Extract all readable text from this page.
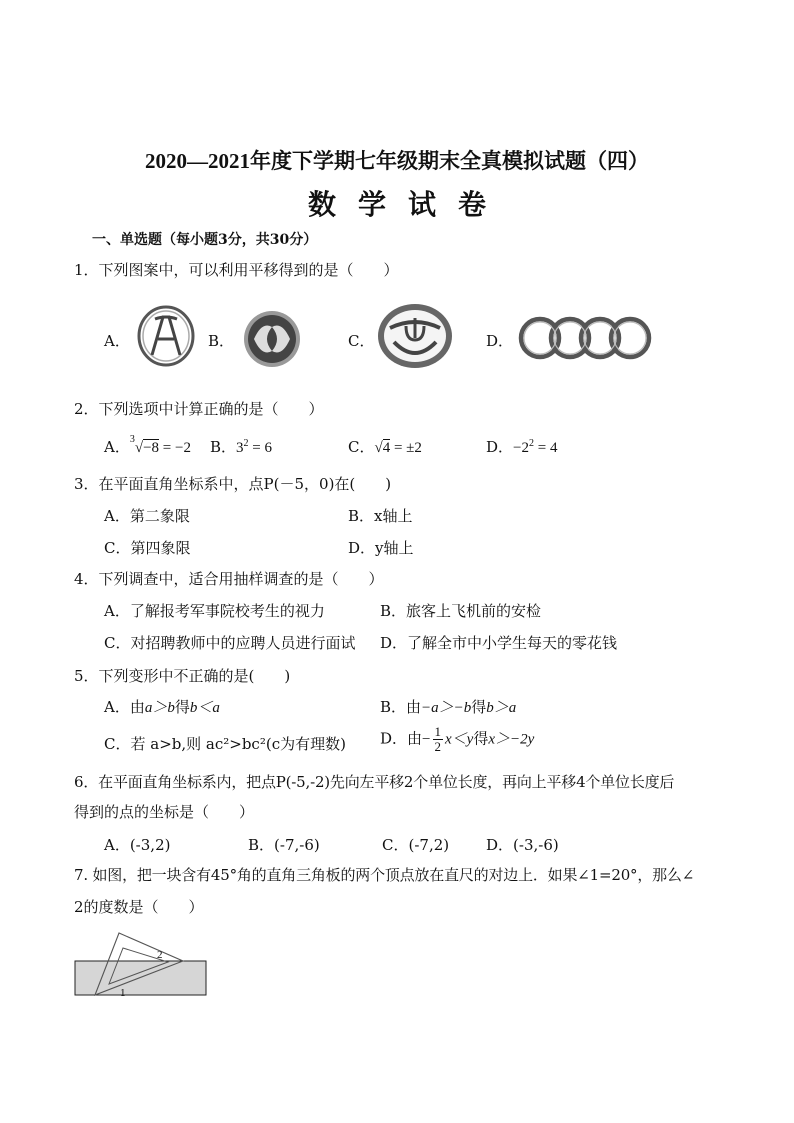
2020—2021年度下学期七年级期末全真模拟试题（四）
数学试卷
一、单选题（每小题3分，共30分）
1．下列图案中，可以利用平移得到的是（　　）
A．	B．	C．	D．
2．下列选项中计算正确的是（　　）
A．$^3$√−8 = −2 B．$3^2 = 6$	C．√4 = ±2	D．$-2^2 = 4$
3．在平面直角坐标系中，点P(－5，0)在(　　)
A．第二象限	B．x轴上
C．第四象限	D．y轴上
4．下列调查中，适合用抽样调查的是（　　）
A．了解报考军事院校考生的视力	B．旅客上飞机前的安检
C．对招聘教师中的应聘人员进行面试 D．了解全市中小学生每天的零花钱
5．下列变形中不正确的是(　　)
A．由a＞b得b＜a	B．由−a＞−b得b＞a
C．若 a>b,则 ac²>bc²(c为有理数) D．由− $\frac{1}{2} x<y$得x＞−2y
6．在平面直角坐标系内，把点P(-5,-2)先向左平移2个单位长度，再向上平移4个单位长度后
得到的点的坐标是（　　）
A．(-3,2)	B．(-7,-6)	C．(-7,2) D．(-3,-6)
7. 如图，把一块含有45°角的直角三角板的两个顶点放在直尺的对边上．如果∠1=20°，那么∠
2的度数是（　　）
2
1
